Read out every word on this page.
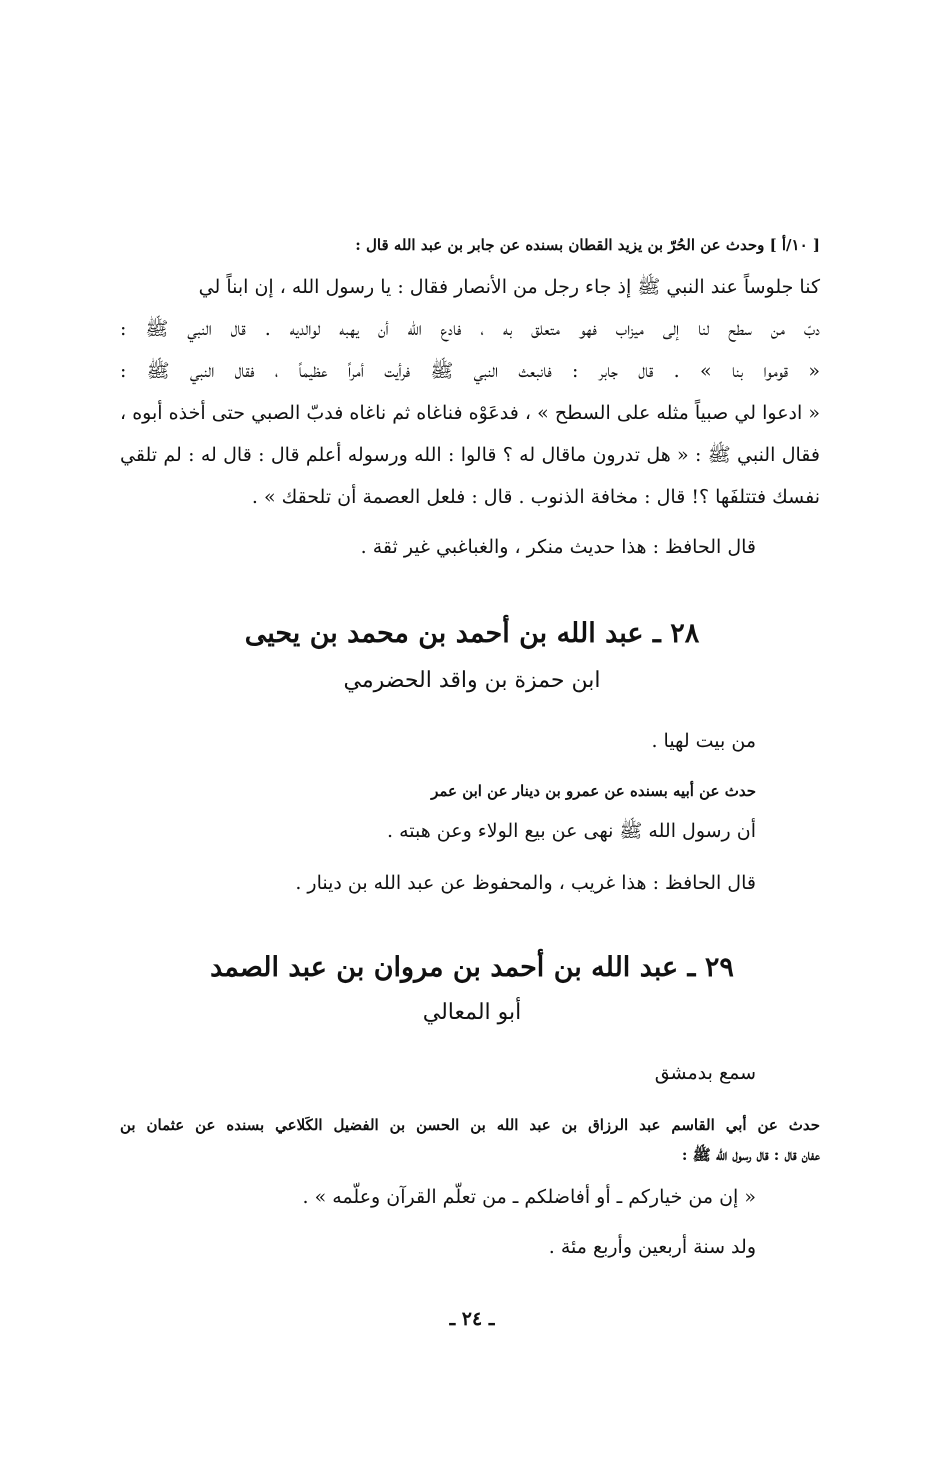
[ ١٠/أ ] وحدث عن الحُرّ بن يزيد القطان بسنده عن جابر بن عبد الله قال :
كنا جلوساً عند النبي ﷺ إذ جاء رجل من الأنصار فقال : يا رسول الله ، إن ابناً لي
دبّ من سطح لنا إلى ميزاب فهو متعلق به ، فادع الله أن يهبه لوالديه . قال النبي ﷺ :
« قوموا بنا » . قال جابر : فانبعث النبي ﷺ فرأيت أمراً عظيماً ، فقال النبي ﷺ :
« ادعوا لي صبياً مثله على السطح » ، فدعَوْه فناغاه ثم ناغاه فدبّ الصبي حتى أخذه أبوه ،
فقال النبي ﷺ : « هل تدرون ماقال له ؟ قالوا : الله ورسوله أعلم قال : قال له : لم تلقي
نفسك فتتلفَها ؟! قال : مخافة الذنوب . قال : فلعل العصمة أن تلحقك » .
قال الحافظ : هذا حديث منكر ، والغباغبي غير ثقة .
٢٨ ـ عبد الله بن أحمد بن محمد بن يحيى
ابن حمزة بن واقد الحضرمي
من بيت لهيا .
حدث عن أبيه بسنده عن عمرو بن دينار عن ابن عمر
أن رسول الله ﷺ نهى عن بيع الولاء وعن هبته .
قال الحافظ : هذا غريب ، والمحفوظ عن عبد الله بن دينار .
٢٩ ـ عبد الله بن أحمد بن مروان بن عبد الصمد
أبو المعالي
سمع بدمشق
حدث عن أبي القاسم عبد الرزاق بن عبد الله بن الحسن بن الفضيل الكَلاعي بسنده عن عثمان بن
عفان قال : قال رسول الله ﷺ :
« إن من خياركم ـ أو أفاضلكم ـ من تعلّم القرآن وعلّمه » .
ولد سنة أربعين وأربع مئة .
ـ ٢٤ ـ
